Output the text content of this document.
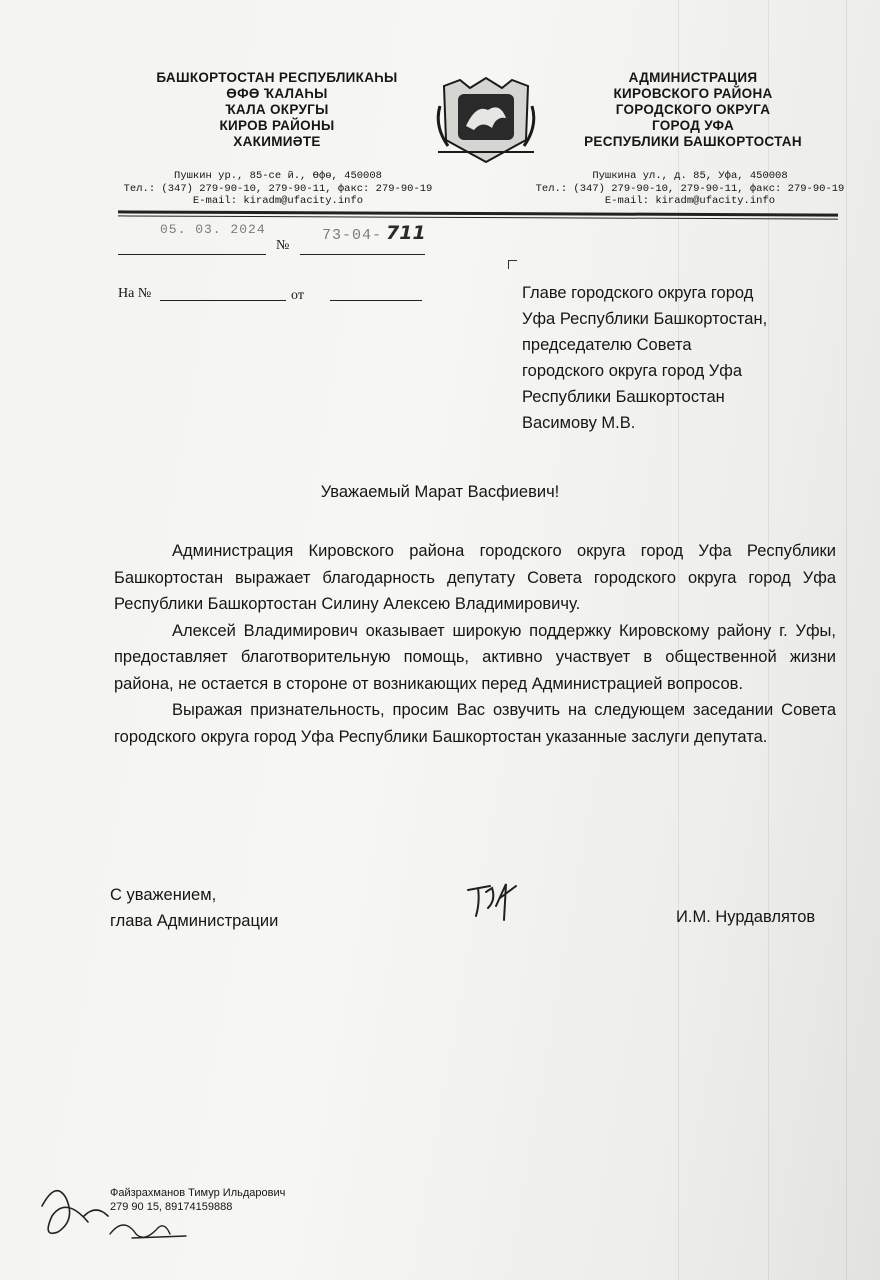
БАШКОРТОСТАН РЕСПУБЛИКАҺЫ
ӨФӨ ҠАЛАҺЫ
ҠАЛА ОКРУГЫ
КИРОВ РАЙОНЫ
ХАКИМИӘТЕ
АДМИНИСТРАЦИЯ
КИРОВСКОГО РАЙОНА
ГОРОДСКОГО ОКРУГА
ГОРОД УФА
РЕСПУБЛИКИ БАШКОРТОСТАН
Пушкин ур., 85-се й., Өфө, 450008
Тел.: (347) 279-90-10, 279-90-11, факс: 279-90-19
E-mail: kiradm@ufacity.info
Пушкина ул., д. 85, Уфа, 450008
Тел.: (347) 279-90-10, 279-90-11, факс: 279-90-19
E-mail: kiradm@ufacity.info
05. 03. 2024
№
73-04- 711
На №	от	Главе городского округа город
Уфа Республики Башкортостан,
председателю Совета
городского округа город Уфа
Республики Башкортостан
Васимову М.В.
Уважаемый Марат Васфиевич!

Администрация Кировского района городского округа город Уфа Республики Башкортостан выражает благодарность депутату Совета городского округа город Уфа Республики Башкортостан Силину Алексею Владимировичу.

Алексей Владимирович оказывает широкую поддержку Кировскому району г. Уфы, предоставляет благотворительную помощь, активно участвует в общественной жизни района, не остается в стороне от возникающих перед Администрацией вопросов.

Выражая признательность, просим Вас озвучить на следующем заседании Совета городского округа город Уфа Республики Башкортостан указанные заслуги депутата.

С уважением,
глава Администрации	И.М. Нурдавлятов
Файзрахманов Тимур Ильдарович
279 90 15, 89174159888
